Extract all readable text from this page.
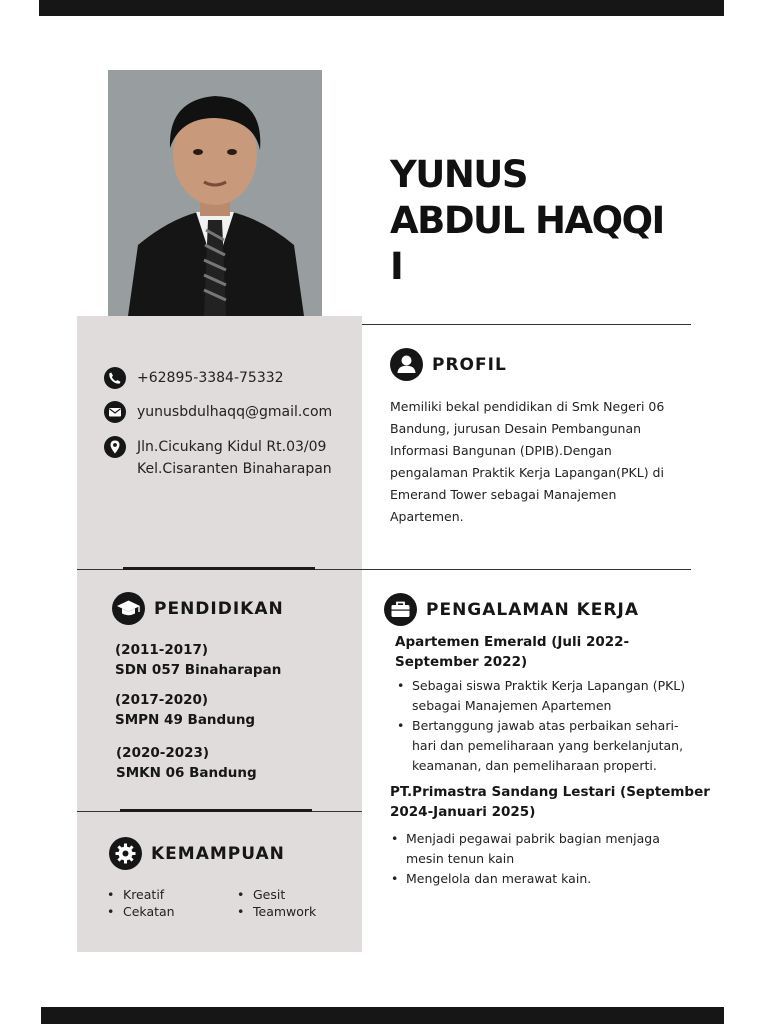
YUNUS
ABDUL HAQQI
I
+62895-3384-75332
yunusbdulhaqq@gmail.com
Jln.Cicukang Kidul Rt.03/09
Kel.Cisaranten Binaharapan
PROFIL
Memiliki bekal pendidikan di Smk Negeri 06
Bandung, jurusan Desain Pembangunan
Informasi Bangunan (DPIB).Dengan
pengalaman Praktik Kerja Lapangan(PKL) di
Emerand Tower sebagai Manajemen
Apartemen.
PENDIDIKAN
(2011-2017)
SDN 057 Binaharapan
(2017-2020)
SMPN 49 Bandung
(2020-2023)
SMKN 06 Bandung
PENGALAMAN KERJA
Apartemen Emerald (Juli 2022-
September 2022)
• Sebagai siswa Praktik Kerja Lapangan (PKL)
sebagai Manajemen Apartemen
• Bertanggung jawab atas perbaikan sehari-
hari dan pemeliharaan yang berkelanjutan,
keamanan, dan pemeliharaan properti.
PT.Primastra Sandang Lestari (September
2024-Januari 2025)
• Menjadi pegawai pabrik bagian menjaga
mesin tenun kain
• Mengelola dan merawat kain.
KEMAMPUAN
• Kreatif
• Cekatan
• Gesit
• Teamwork
